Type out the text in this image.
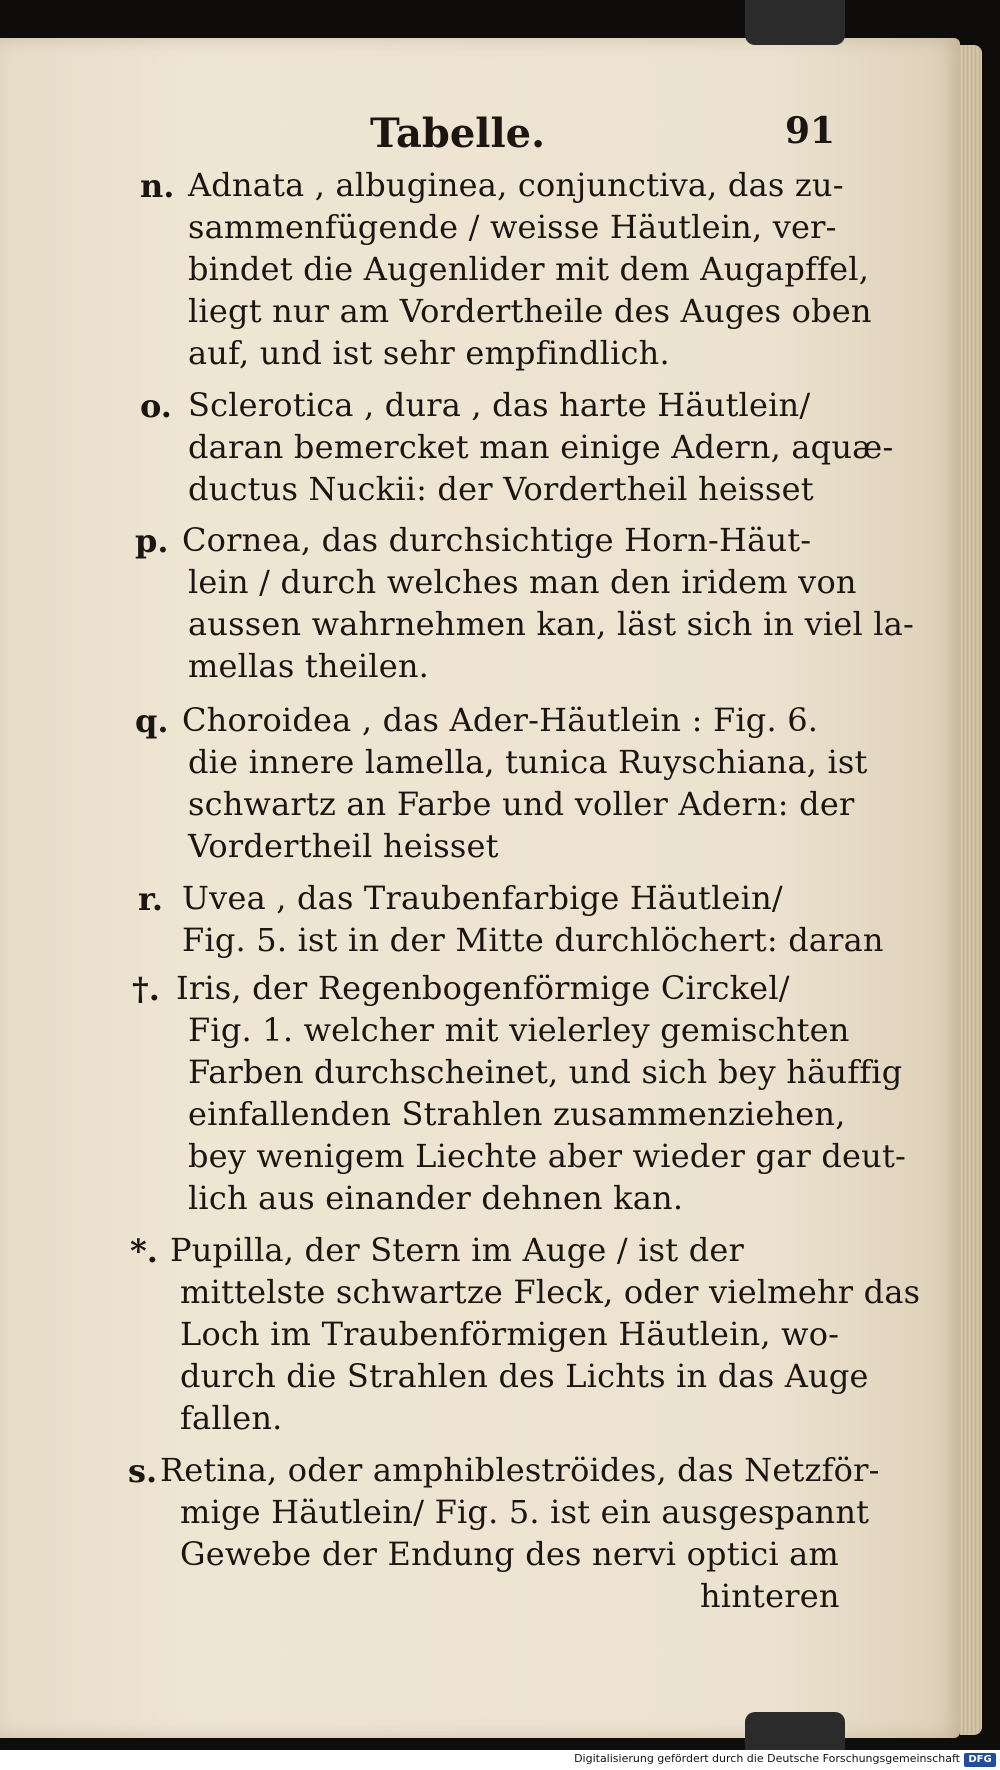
Tabelle.	91
n. Adnata , albuginea, conjunctiva, das zu-
sammenfügende / weisse Häutlein, ver-
bindet die Augenlider mit dem Augapffel,
liegt nur am Vordertheile des Auges oben
auf, und ist sehr empfindlich.
o. Sclerotica , dura , das harte Häutlein/
daran bemercket man einige Adern, aquæ-
ductus Nuckii: der Vordertheil heisset
p. Cornea, das durchsichtige Horn-Häut-
lein / durch welches man den iridem von
aussen wahrnehmen kan, läst sich in viel la-
mellas theilen.
q. Choroidea , das Ader-Häutlein : Fig. 6.
die innere lamella, tunica Ruyschiana, ist
schwartz an Farbe und voller Adern: der
Vordertheil heisset
r. Uvea , das Traubenfarbige Häutlein/
Fig. 5. ist in der Mitte durchlöchert: daran
†. Iris, der Regenbogenförmige Circkel/
Fig. 1. welcher mit vielerley gemischten
Farben durchscheinet, und sich bey häuffig
einfallenden Strahlen zusammenziehen,
bey wenigem Liechte aber wieder gar deut-
lich aus einander dehnen kan.
*. Pupilla, der Stern im Auge / ist der
mittelste schwartze Fleck, oder vielmehr das
Loch im Traubenförmigen Häutlein, wo-
durch die Strahlen des Lichts in das Auge
fallen.
s. Retina, oder amphibleströides, das Netzför-
mige Häutlein/ Fig. 5. ist ein ausgespannt
Gewebe der Endung des nervi optici am
hinteren
Digitalisierung gefördert durch die Deutsche Forschungsgemeinschaft DFG
